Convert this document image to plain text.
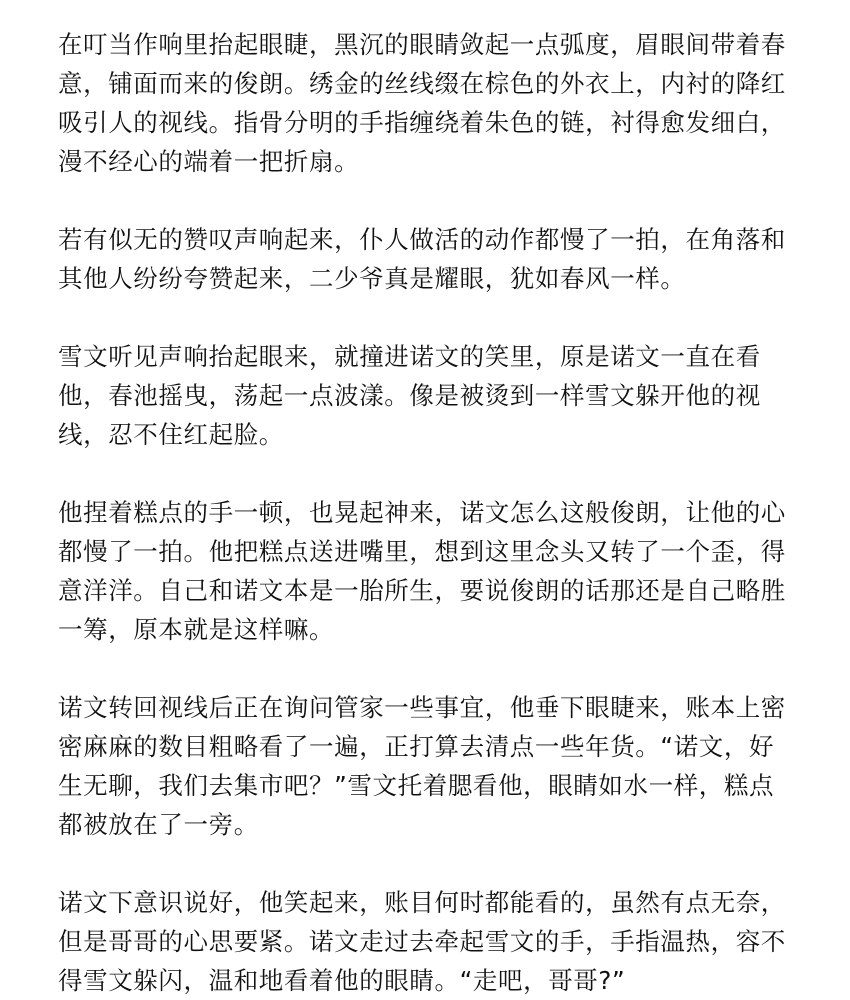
在叮当作响里抬起眼睫，黑沉的眼睛敛起一点弧度，眉眼间带着春意，铺面而来的俊朗。绣金的丝线缀在棕色的外衣上，内衬的降红吸引人的视线。指骨分明的手指缠绕着朱色的链，衬得愈发细白，漫不经心的端着一把折扇。

若有似无的赞叹声响起来，仆人做活的动作都慢了一拍，在角落和其他人纷纷夸赞起来，二少爷真是耀眼，犹如春风一样。

雪文听见声响抬起眼来，就撞进诺文的笑里，原是诺文一直在看他，春池摇曳，荡起一点波漾。像是被烫到一样雪文躲开他的视线，忍不住红起脸。

他捏着糕点的手一顿，也晃起神来，诺文怎么这般俊朗，让他的心都慢了一拍。他把糕点送进嘴里，想到这里念头又转了一个歪，得意洋洋。自己和诺文本是一胎所生，要说俊朗的话那还是自己略胜一筹，原本就是这样嘛。

诺文转回视线后正在询问管家一些事宜，他垂下眼睫来，账本上密密麻麻的数目粗略看了一遍，正打算去清点一些年货。“诺文，好生无聊，我们去集市吧？”雪文托着腮看他，眼睛如水一样，糕点都被放在了一旁。

诺文下意识说好，他笑起来，账目何时都能看的，虽然有点无奈，但是哥哥的心思要紧。诺文走过去牵起雪文的手，手指温热，容不得雪文躲闪，温和地看着他的眼睛。“走吧，哥哥?”
